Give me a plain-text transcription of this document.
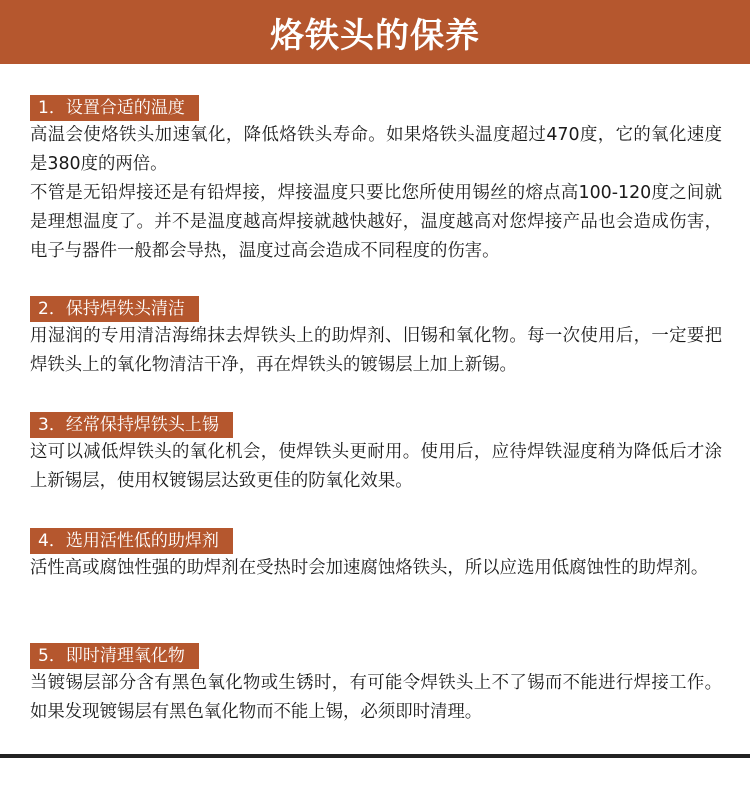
烙铁头的保养
1．设置合适的温度

高温会使烙铁头加速氧化，降低烙铁头寿命。如果烙铁头温度超过470度，它的氧化速度是380度的两倍。

不管是无铅焊接还是有铅焊接，焊接温度只要比您所使用锡丝的熔点高100-120度之间就是理想温度了。并不是温度越高焊接就越快越好，温度越高对您焊接产品也会造成伤害，电子与器件一般都会导热，温度过高会造成不同程度的伤害。

2．保持焊铁头清洁

用湿润的专用清洁海绵抹去焊铁头上的助焊剂、旧锡和氧化物。每一次使用后，一定要把焊铁头上的氧化物清洁干净，再在焊铁头的镀锡层上加上新锡。

3．经常保持焊铁头上锡

这可以减低焊铁头的氧化机会，使焊铁头更耐用。使用后，应待焊铁湿度稍为降低后才涂上新锡层，使用权镀锡层达致更佳的防氧化效果。

4．选用活性低的助焊剂

活性高或腐蚀性强的助焊剂在受热时会加速腐蚀烙铁头，所以应选用低腐蚀性的助焊剂。

5．即时清理氧化物

当镀锡层部分含有黑色氧化物或生锈时，有可能令焊铁头上不了锡而不能进行焊接工作。如果发现镀锡层有黑色氧化物而不能上锡，必须即时清理。
